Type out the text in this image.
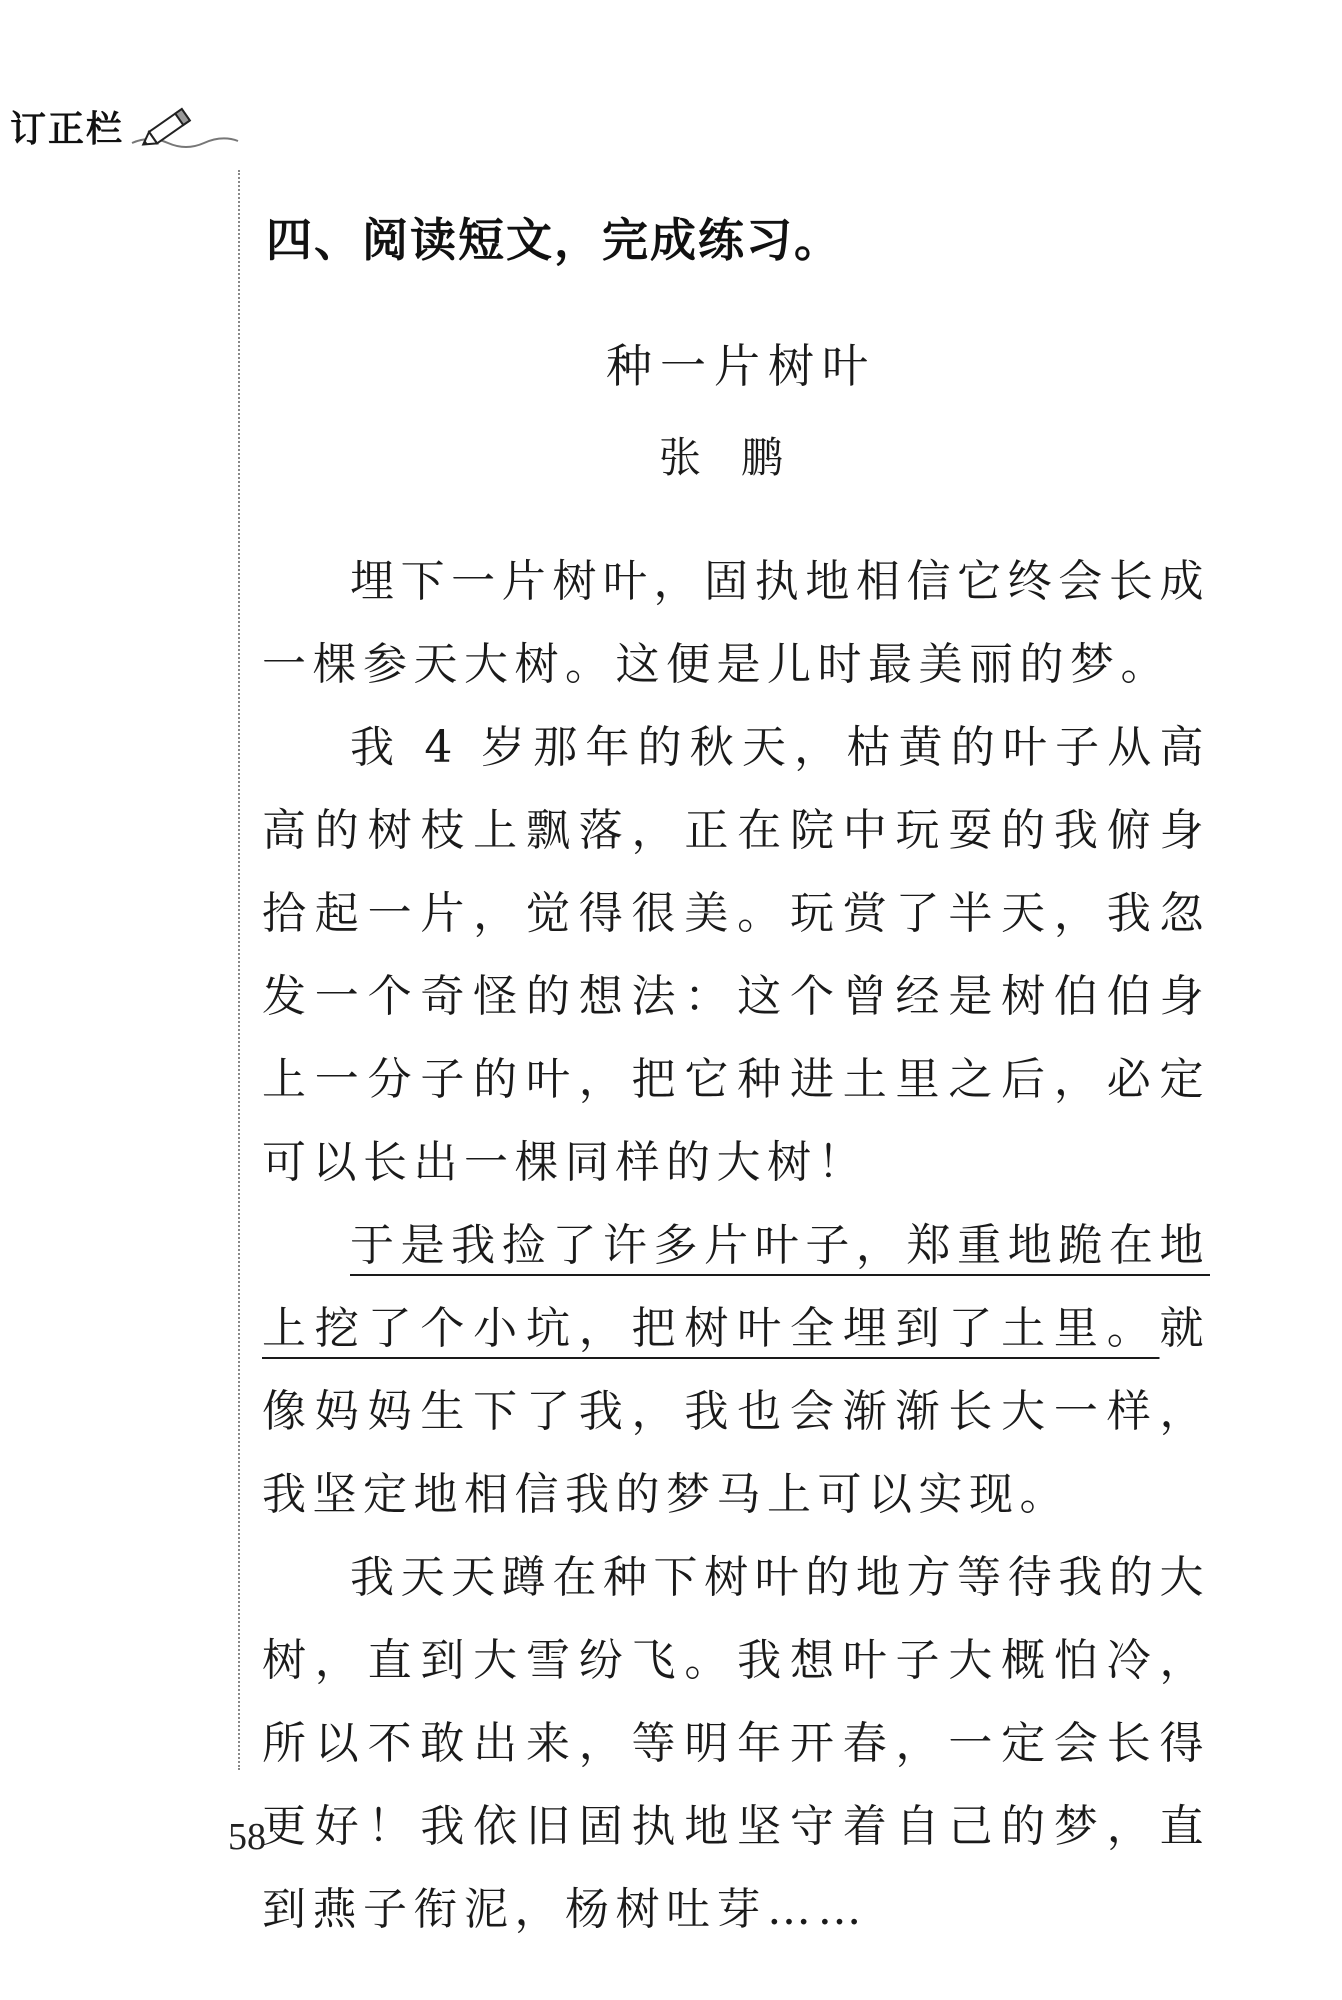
订正栏
四、阅读短文，完成练习。
种一片树叶
张鹏

埋下一片树叶，固执地相信它终会长成一棵参天大树。这便是儿时最美丽的梦。

我 4 岁那年的秋天，枯黄的叶子从高高的树枝上飘落，正在院中玩耍的我俯身拾起一片，觉得很美。玩赏了半天，我忽发一个奇怪的想法：这个曾经是树伯伯身上一分子的叶，把它种进土里之后，必定可以长出一棵同样的大树！

于是我捡了许多片叶子，郑重地跪在地上挖了个小坑，把树叶全埋到了土里。就像妈妈生下了我，我也会渐渐长大一样，我坚定地相信我的梦马上可以实现。

我天天蹲在种下树叶的地方等待我的大树，直到大雪纷飞。我想叶子大概怕冷，所以不敢出来，等明年开春，一定会长得更好！我依旧固执地坚守着自己的梦，直到燕子衔泥，杨树吐芽……

58
